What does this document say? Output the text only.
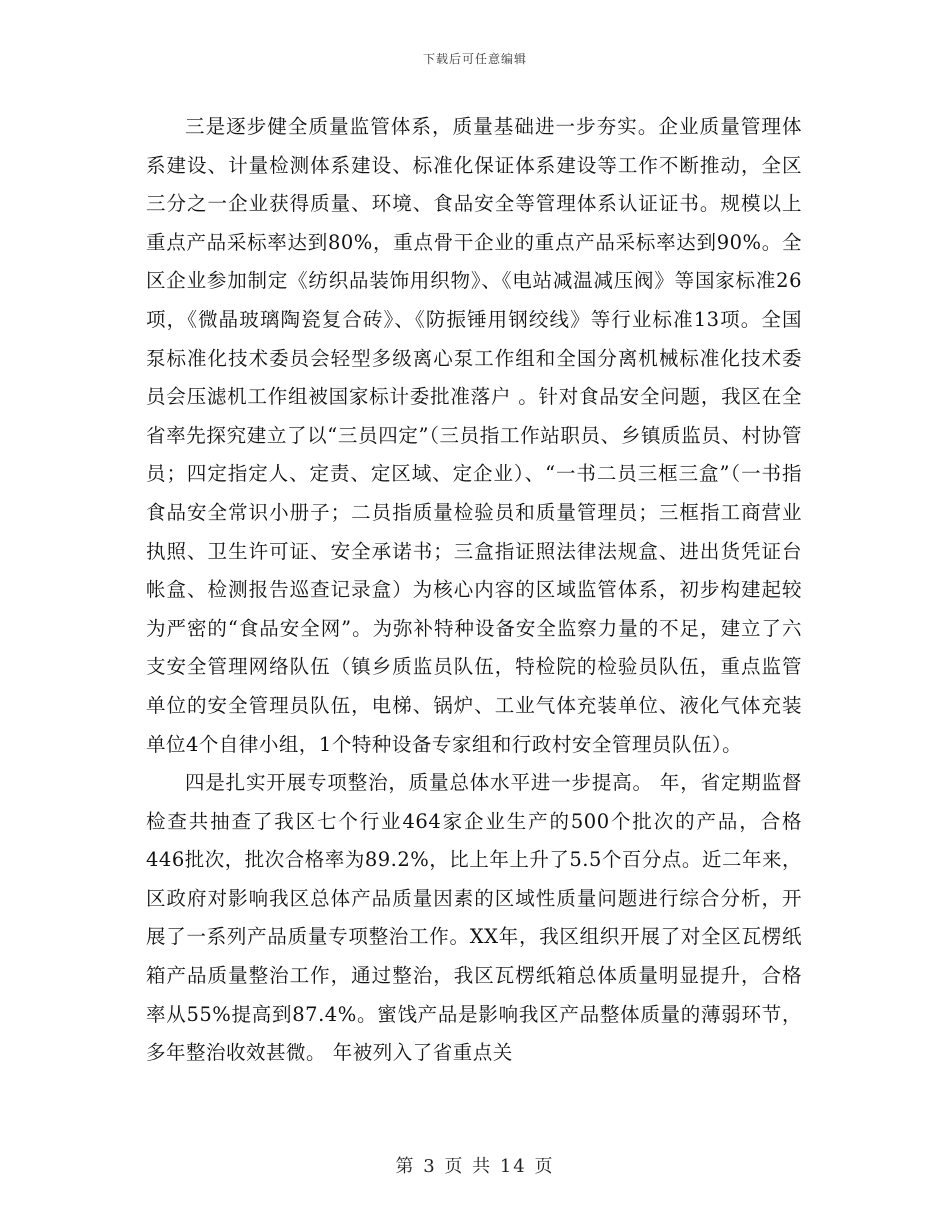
下载后可任意编辑

三是逐步健全质量监管体系，质量基础进一步夯实。企业质量管理体系建设、计量检测体系建设、标准化保证体系建设等工作不断推动，全区三分之一企业获得质量、环境、食品安全等管理体系认证证书。规模以上重点产品采标率达到80%，重点骨干企业的重点产品采标率达到90%。全区企业参加制定《纺织品装饰用织物》、《电站减温减压阀》等国家标准26项，《微晶玻璃陶瓷复合砖》、《防振锤用钢绞线》等行业标准13项。全国泵标准化技术委员会轻型多级离心泵工作组和全国分离机械标准化技术委员会压滤机工作组被国家标计委批准落户 。针对食品安全问题，我区在全省率先探究建立了以“三员四定”（三员指工作站职员、乡镇质监员、村协管员；四定指定人、定责、定区域、定企业）、“一书二员三框三盒”（一书指食品安全常识小册子；二员指质量检验员和质量管理员；三框指工商营业执照、卫生许可证、安全承诺书；三盒指证照法律法规盒、进出货凭证台帐盒、检测报告巡查记录盒）为核心内容的区域监管体系，初步构建起较为严密的“食品安全网”。为弥补特种设备安全监察力量的不足，建立了六支安全管理网络队伍（镇乡质监员队伍，特检院的检验员队伍，重点监管单位的安全管理员队伍，电梯、锅炉、工业气体充装单位、液化气体充装单位4个自律小组，1个特种设备专家组和行政村安全管理员队伍）。

四是扎实开展专项整治，质量总体水平进一步提高。 年，省定期监督检查共抽查了我区七个行业464家企业生产的500个批次的产品，合格446批次，批次合格率为89.2%，比上年上升了5.5个百分点。近二年来，区政府对影响我区总体产品质量因素的区域性质量问题进行综合分析，开展了一系列产品质量专项整治工作。XX年，我区组织开展了对全区瓦楞纸箱产品质量整治工作，通过整治，我区瓦楞纸箱总体质量明显提升，合格率从55%提高到87.4%。蜜饯产品是影响我区产品整体质量的薄弱环节，多年整治收效甚微。 年被列入了省重点关

第 3 页 共 14 页
